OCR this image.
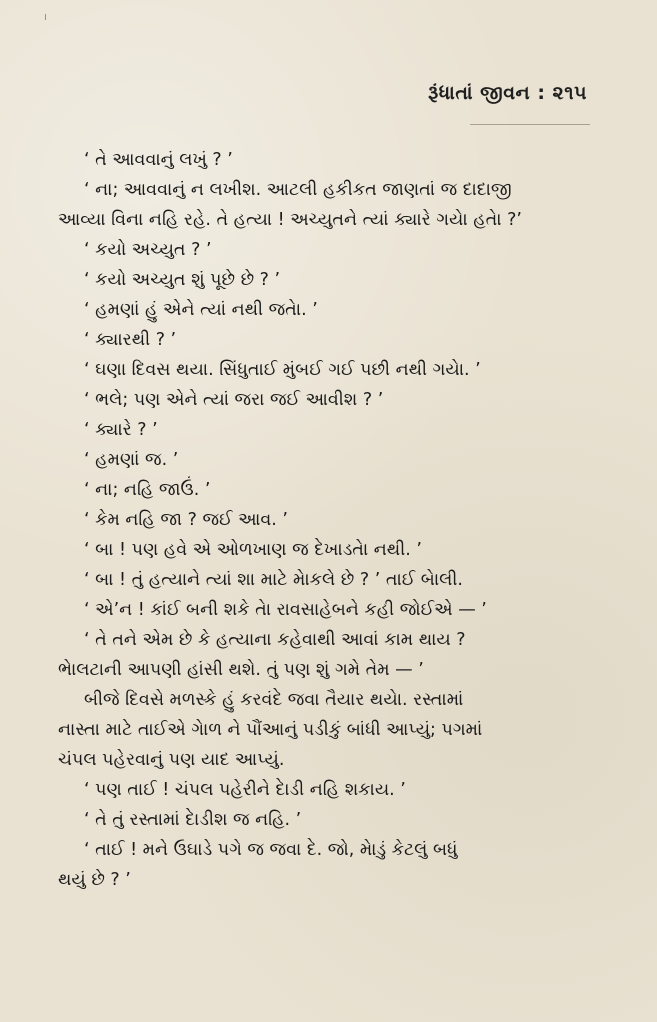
રૂંધાતાં જીવન : ૨૧૫
‘ તે આવવાનું લખું ? ’
‘ ના; આવવાનું ન લખીશ. આટલી હકીકત જાણતાં જ દાદાજી
આવ્યા વિના નહિ રહે. તે હત્યા ! અચ્યુતને ત્યાં ક્યારે ગયેા હતેા ?’
‘ કયો અચ્યુત ? ’
‘ કયો અચ્યુત શું પૂછે છે ? ’
‘ હમણાં હું એને ત્યાં નથી જતેા. ’
‘ ક્યારથી ? ’
‘ ઘણા દિવસ થયા. સિંધુતાઈ મુંબઈ ગઈ પછી નથી ગયેા. ’
‘ ભલે; પણ એને ત્યાં જરા જઈ આવીશ ? ’
‘ ક્યારે ? ’
‘ હમણાં જ. ’
‘ ના; નહિ જાઉં. ’
‘ કેમ નહિ જા ? જઈ આવ. ’
‘ બા ! પણ હવે એ ઓળખાણ જ દેખાડતેા નથી. ’
‘ બા ! તું હત્યાને ત્યાં શા માટે મેાકલે છે ? ’ તાઈ બેાલી.
‘ એ’ન ! કાંઈ બની શકે તેા રાવસાહેબને કહી જોઈએ — ’
‘ તે તને એમ છે કે હત્યાના કહેવાથી આવાં કામ થાય ?
ભેાલટાની આપણી હાંસી થશે. તું પણ શું ગમે તેમ — ’
બીજે દિવસે મળસ્કે હું કરવંદે જવા તૈયાર થયેા. રસ્તામાં
નાસ્તા માટે તાઈએ ગેાળ ને પૌંઆનું પડીકું બાંધી આપ્યું; પગમાં
ચંપલ પહેરવાનું પણ યાદ આપ્યું.
‘ પણ તાઈ ! ચંપલ પહેરીને દેાડી નહિ શકાય. ’
‘ તે તું રસ્તામાં દેાડીશ જ નહિ. ’
‘ તાઈ ! મને ઉઘાડે પગે જ જવા દે. જો, મેાડું કેટલું બધું
થયું છે ? ’
